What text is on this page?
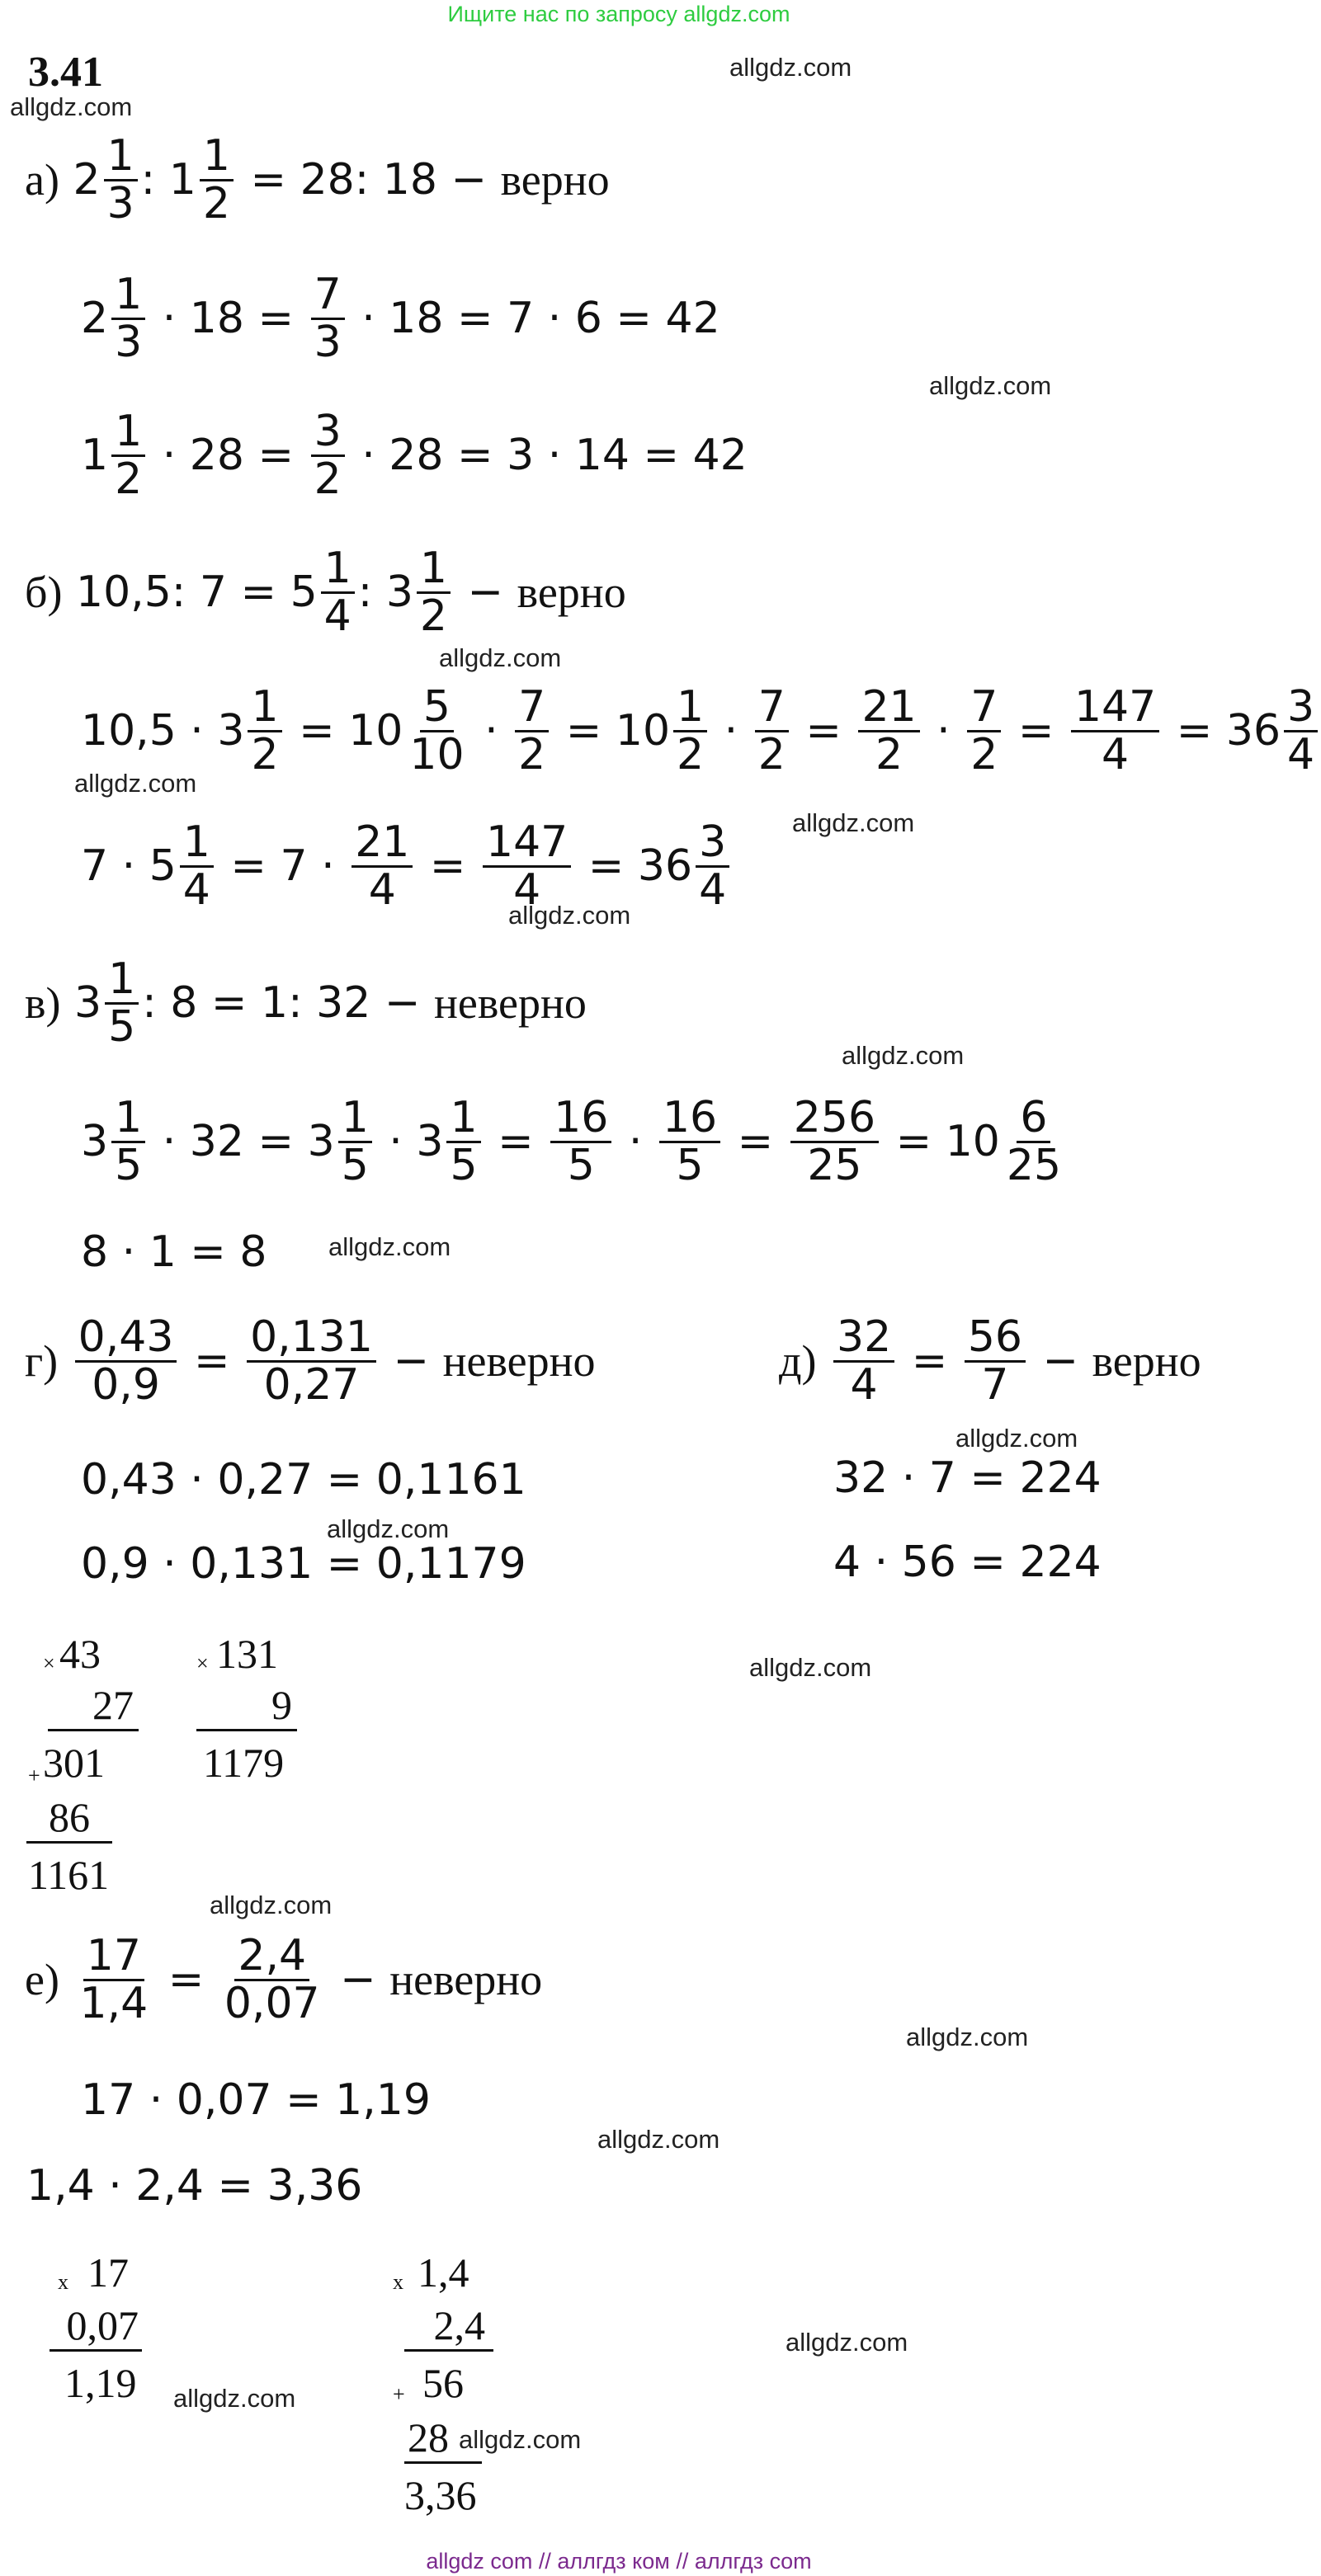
Ищите нас по запросу allgdz.com
3.41
allgdz.com
allgdz.com
allgdz.com
allgdz.com
allgdz.com
allgdz.com
allgdz.com
allgdz.com
allgdz.com
allgdz.com
allgdz.com
allgdz.com
allgdz.com
allgdz.com
allgdz.com
allgdz.com
allgdz.com
allgdz.com
а)
$2 \frac{1}{3}$ : $1 \frac{1}{2} = 28$ : 18 − верно
$2 \frac{1}{3} \cdot 18 = \frac{7}{3} \cdot 18 = 7 \cdot 6 = 42$
$1 \frac{1}{2} \cdot 28 = \frac{3}{2} \cdot 28 = 3 \cdot 14 = 42$
б)
10,5 : $7 = 5 \frac{1}{4}$ : $3 \frac{1}{2}$ − верно
$10,5 \cdot 3 \frac{1}{2} = 10 \frac{5}{10} \cdot \frac{7}{2} = 10 \frac{1}{2} \cdot \frac{7}{2} = \frac{21}{2} \cdot \frac{7}{2} = \frac{147}{4} = 36 \frac{3}{4}$
$7 \cdot 5 \frac{1}{4} = 7 \cdot \frac{21}{4} = \frac{147}{4} = 36 \frac{3}{4}$
в)
$3 \frac{1}{5}$ : 8 = 1 : 32 − неверно
$3 \frac{1}{5} \cdot 32 = 3 \frac{1}{5} \cdot 3 \frac{1}{5} = \frac{16}{5} \cdot \frac{16}{5} = \frac{256}{25} = 10 \frac{6}{25}$
8 · 1 = 8
г)
$\frac{0,43}{0,9} = \frac{0,131}{0,27}$ − неверно
0,43 · 0,27 = 0,1161
0,9 · 0,131 = 0,1179
д)
$\frac{32}{4} = \frac{56}{7}$ − верно
32 · 7 = 224
4 · 56 = 224
× 43
27
+ 301
86
1161
× 131
9
1179
е)
$\frac{17}{1,4} = \frac{2,4}{0,07}$ − неверно
17 · 0,07 = 1,19
1,4 · 2,4 = 3,36
x 17
0,07
1,19
x 1,4
2,4
+ 56
28
3,36
allgdz com // аллгдз ком // аллгдз com
